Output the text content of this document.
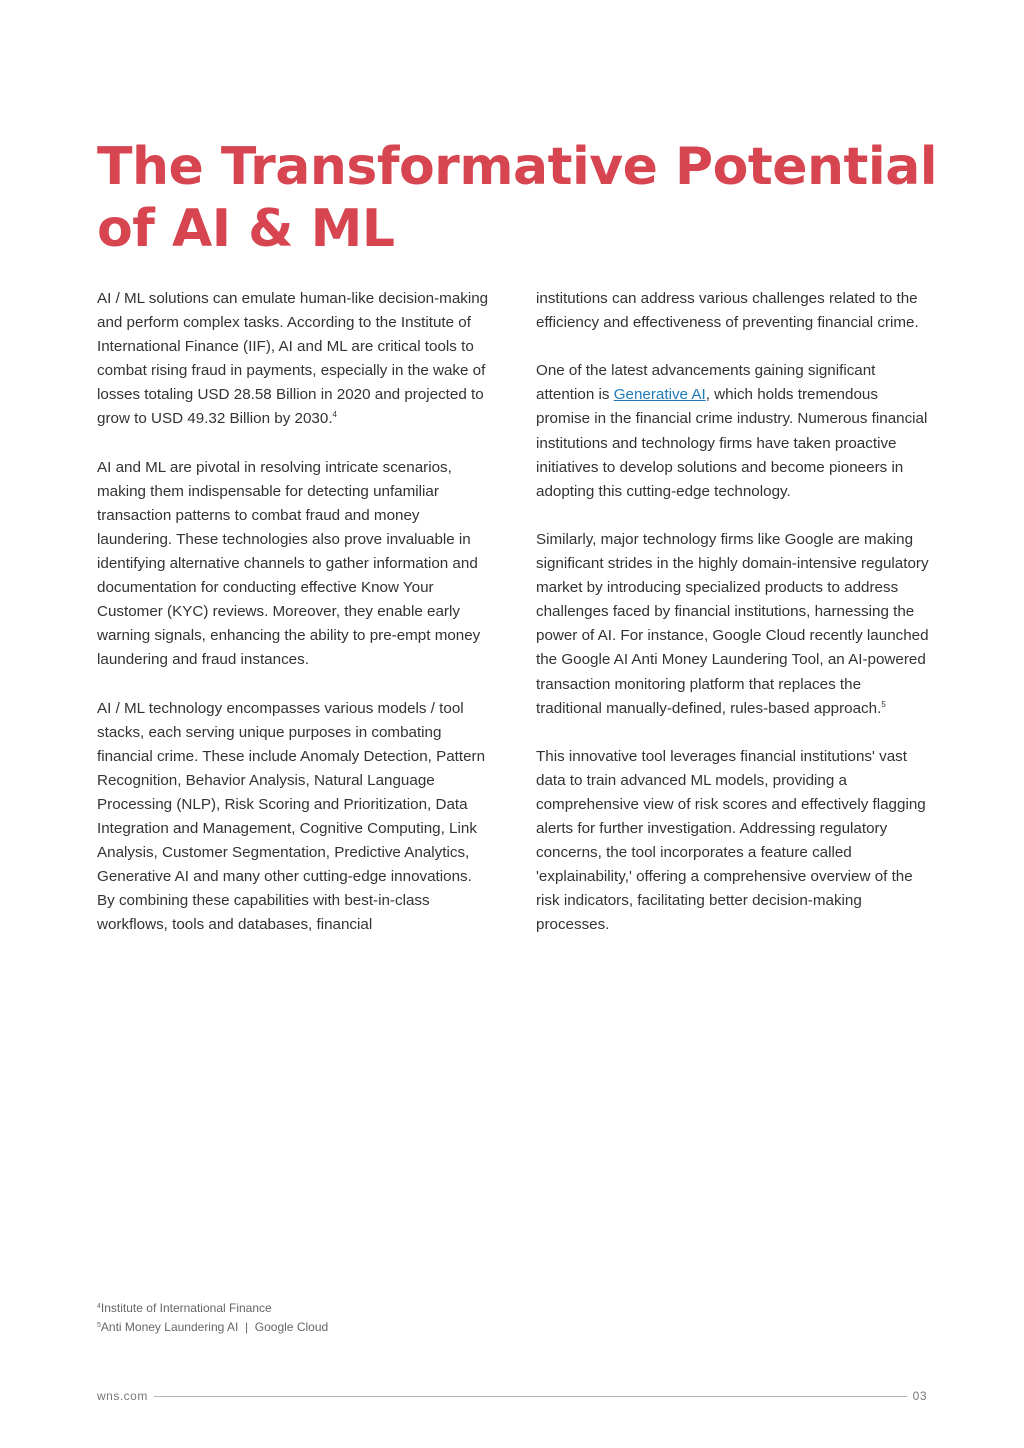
The Transformative Potential of AI & ML

AI / ML solutions can emulate human-like decision-making and perform complex tasks. According to the Institute of International Finance (IIF), AI and ML are critical tools to combat rising fraud in payments, especially in the wake of losses totaling USD 28.58 Billion in 2020 and projected to grow to USD 49.32 Billion by 2030.$^4$

AI and ML are pivotal in resolving intricate scenarios, making them indispensable for detecting unfamiliar transaction patterns to combat fraud and money laundering. These technologies also prove invaluable in identifying alternative channels to gather information and documentation for conducting effective Know Your Customer (KYC) reviews. Moreover, they enable early warning signals, enhancing the ability to pre-empt money laundering and fraud instances.

AI / ML technology encompasses various models / tool stacks, each serving unique purposes in combating financial crime. These include Anomaly Detection, Pattern Recognition, Behavior Analysis, Natural Language Processing (NLP), Risk Scoring and Prioritization, Data Integration and Management, Cognitive Computing, Link Analysis, Customer Segmentation, Predictive Analytics, Generative AI and many other cutting-edge innovations. By combining these capabilities with best-in-class workflows, tools and databases, financial

institutions can address various challenges related to the efficiency and effectiveness of preventing financial crime.

One of the latest advancements gaining significant attention is Generative AI, which holds tremendous promise in the financial crime industry. Numerous financial institutions and technology firms have taken proactive initiatives to develop solutions and become pioneers in adopting this cutting-edge technology.

Similarly, major technology firms like Google are making significant strides in the highly domain-intensive regulatory market by introducing specialized products to address challenges faced by financial institutions, harnessing the power of AI. For instance, Google Cloud recently launched the Google AI Anti Money Laundering Tool, an AI-powered transaction monitoring platform that replaces the traditional manually-defined, rules-based approach.$^5$

This innovative tool leverages financial institutions' vast data to train advanced ML models, providing a comprehensive view of risk scores and effectively flagging alerts for further investigation. Addressing regulatory concerns, the tool incorporates a feature called 'explainability,' offering a comprehensive overview of the risk indicators, facilitating better decision-making processes.

$^4$Institute of International Finance
$^5$Anti Money Laundering AI  |  Google Cloud
wns.com	03
